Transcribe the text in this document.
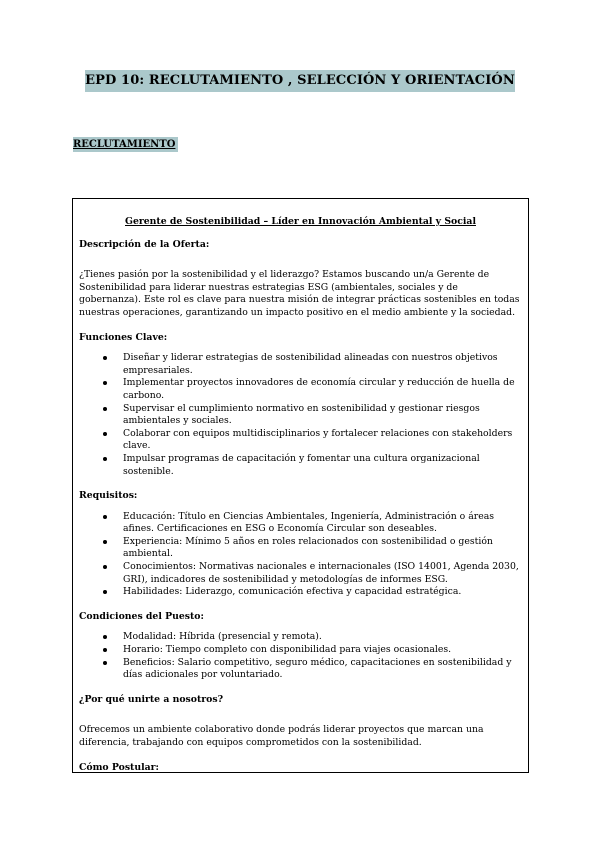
EPD 10: RECLUTAMIENTO , SELECCIÓN Y ORIENTACIÓN
RECLUTAMIENTO

Gerente de Sostenibilidad – Líder en Innovación Ambiental y Social

Descripción de la Oferta:

¿Tienes pasión por la sostenibilidad y el liderazgo? Estamos buscando un/a Gerente de Sostenibilidad para liderar nuestras estrategias ESG (ambientales, sociales y de gobernanza). Este rol es clave para nuestra misión de integrar prácticas sostenibles en todas nuestras operaciones, garantizando un impacto positivo en el medio ambiente y la sociedad.

Funciones Clave:

Diseñar y liderar estrategias de sostenibilidad alineadas con nuestros objetivos empresariales.
Implementar proyectos innovadores de economía circular y reducción de huella de carbono.
Supervisar el cumplimiento normativo en sostenibilidad y gestionar riesgos ambientales y sociales.
Colaborar con equipos multidisciplinarios y fortalecer relaciones con stakeholders clave.
Impulsar programas de capacitación y fomentar una cultura organizacional sostenible.

Requisitos:

Educación: Título en Ciencias Ambientales, Ingeniería, Administración o áreas afines. Certificaciones en ESG o Economía Circular son deseables.
Experiencia: Mínimo 5 años en roles relacionados con sostenibilidad o gestión ambiental.
Conocimientos: Normativas nacionales e internacionales (ISO 14001, Agenda 2030, GRI), indicadores de sostenibilidad y metodologías de informes ESG.
Habilidades: Liderazgo, comunicación efectiva y capacidad estratégica.

Condiciones del Puesto:

Modalidad: Híbrida (presencial y remota).
Horario: Tiempo completo con disponibilidad para viajes ocasionales.
Beneficios: Salario competitivo, seguro médico, capacitaciones en sostenibilidad y días adicionales por voluntariado.

¿Por qué unirte a nosotros?

Ofrecemos un ambiente colaborativo donde podrás liderar proyectos que marcan una diferencia, trabajando con equipos comprometidos con la sostenibilidad.

Cómo Postular:
